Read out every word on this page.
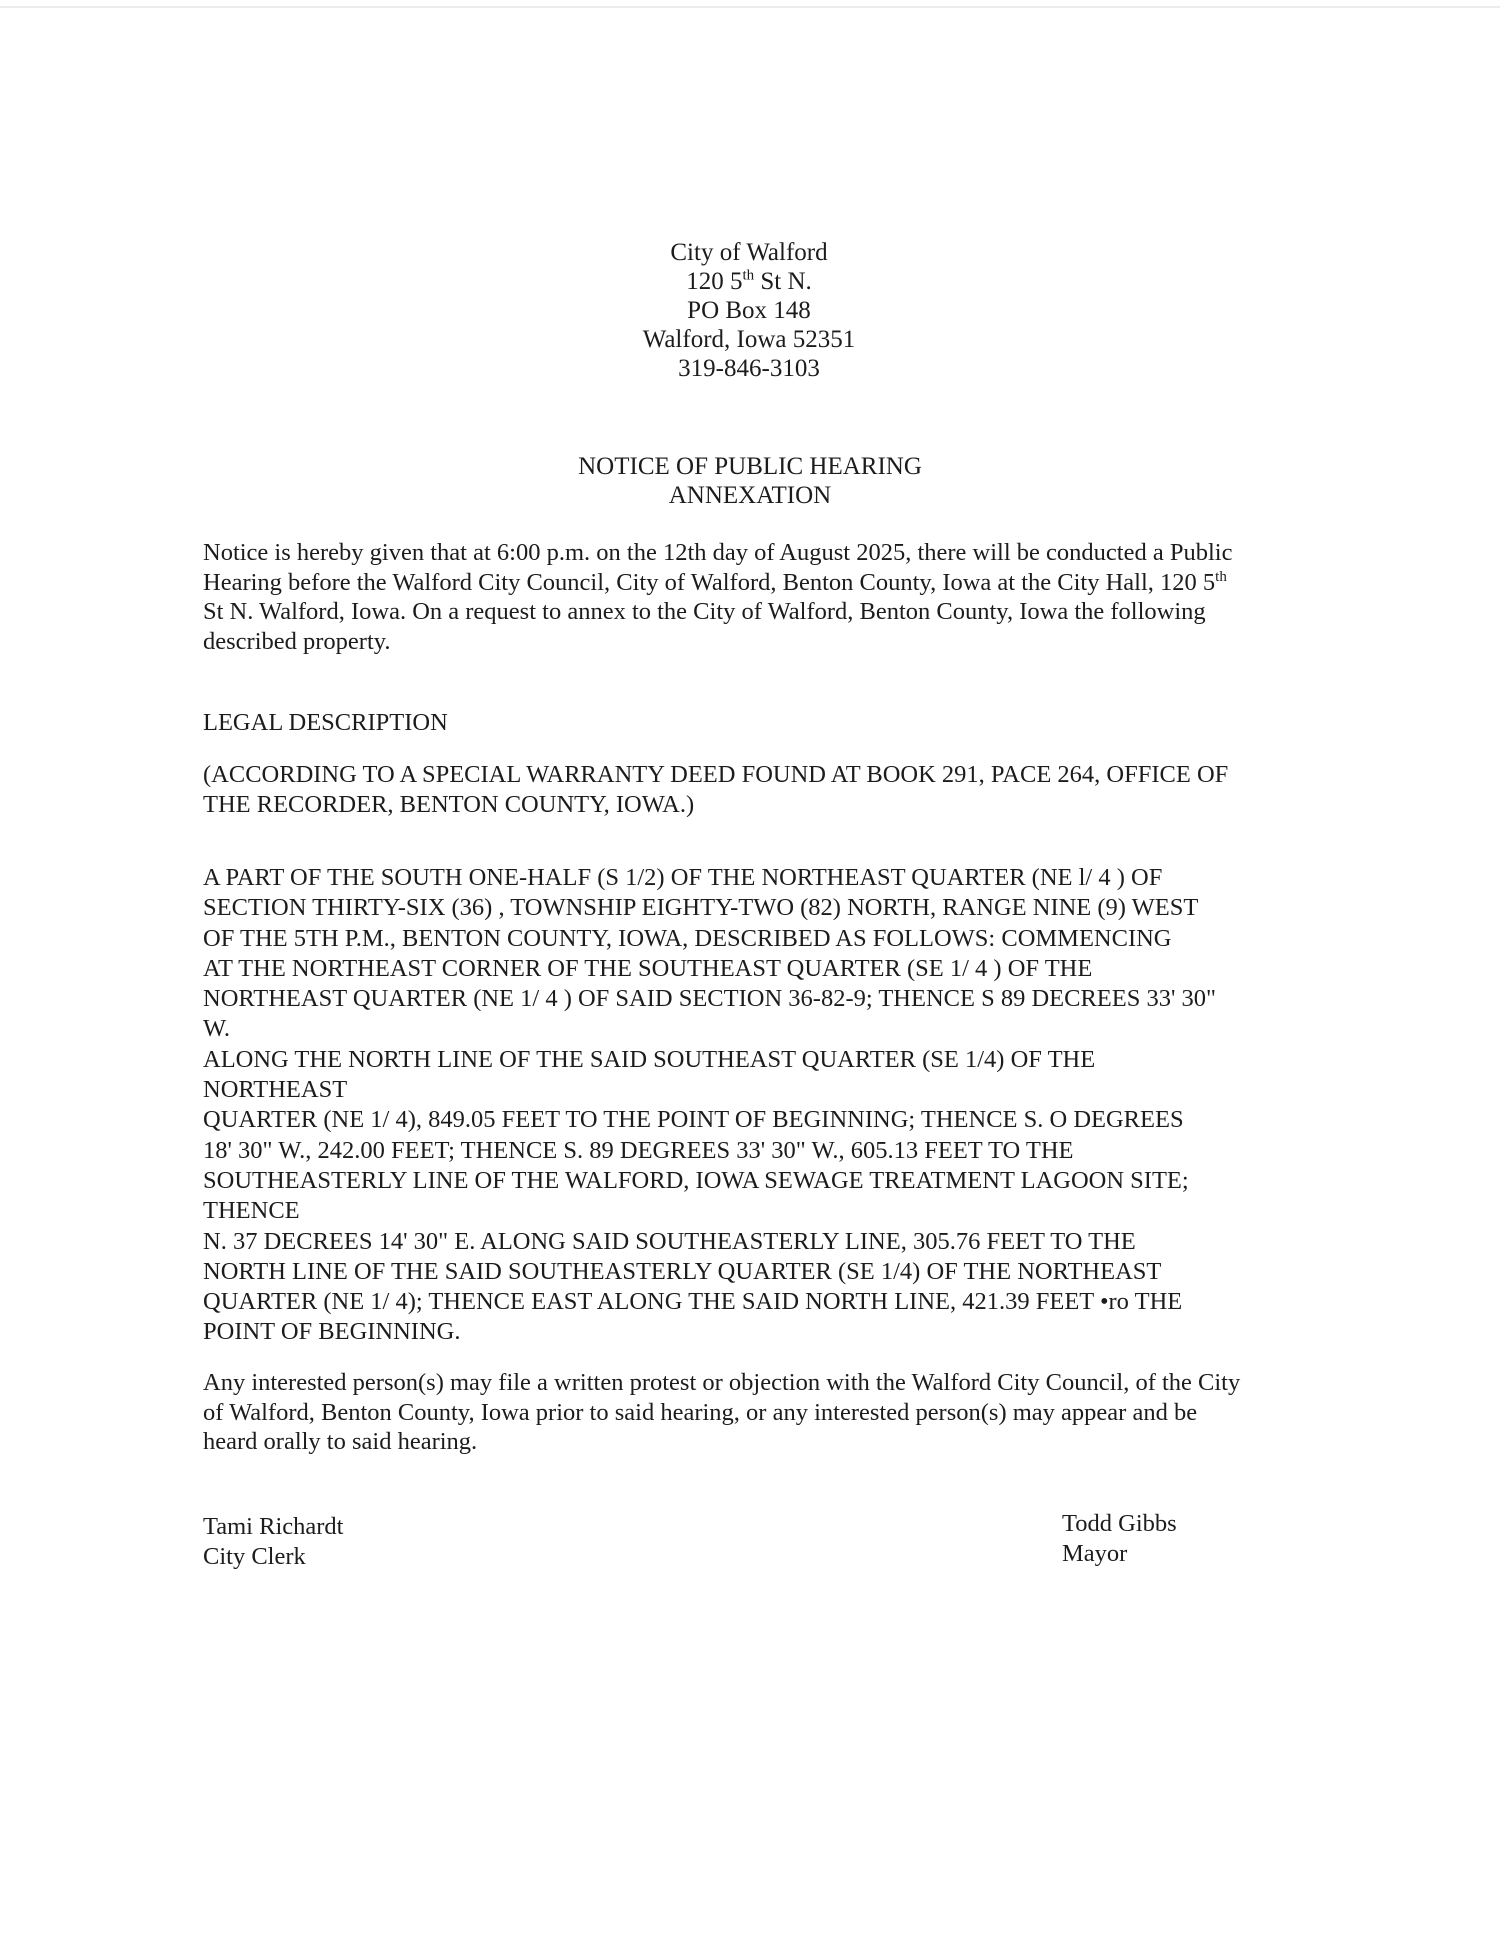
City of Walford
120 5th St N.
PO Box 148
Walford, Iowa 52351
319-846-3103
NOTICE OF PUBLIC HEARING
ANNEXATION
Notice is hereby given that at 6:00 p.m. on the 12th day of August 2025, there will be conducted a Public
Hearing before the Walford City Council, City of Walford, Benton County, Iowa at the City Hall, 120 5th
St N. Walford, Iowa. On a request to annex to the City of Walford, Benton County, Iowa the following
described property.
LEGAL DESCRIPTION
(ACCORDING TO A SPECIAL WARRANTY DEED FOUND AT BOOK 291, PACE 264, OFFICE OF
THE RECORDER, BENTON COUNTY, IOWA.)
A PART OF THE SOUTH ONE-HALF (S 1/2) OF THE NORTHEAST QUARTER (NE l/ 4 ) OF
SECTION THIRTY-SIX (36) , TOWNSHIP EIGHTY-TWO (82) NORTH, RANGE NINE (9) WEST
OF THE 5TH P.M., BENTON COUNTY, IOWA, DESCRIBED AS FOLLOWS: COMMENCING
AT THE NORTHEAST CORNER OF THE SOUTHEAST QUARTER (SE 1/ 4 ) OF THE
NORTHEAST QUARTER (NE 1/ 4 ) OF SAID SECTION 36-82-9; THENCE S 89 DECREES 33' 30"
W.
ALONG THE NORTH LINE OF THE SAID SOUTHEAST QUARTER (SE 1/4) OF THE
NORTHEAST
QUARTER (NE 1/ 4), 849.05 FEET TO THE POINT OF BEGINNING; THENCE S. O DEGREES
18' 30" W., 242.00 FEET; THENCE S. 89 DEGREES 33' 30" W., 605.13 FEET TO THE
SOUTHEASTERLY LINE OF THE WALFORD, IOWA SEWAGE TREATMENT LAGOON SITE;
THENCE
N. 37 DECREES 14' 30" E. ALONG SAID SOUTHEASTERLY LINE, 305.76 FEET TO THE
NORTH LINE OF THE SAID SOUTHEASTERLY QUARTER (SE 1/4) OF THE NORTHEAST
QUARTER (NE 1/ 4); THENCE EAST ALONG THE SAID NORTH LINE, 421.39 FEET •ro THE
POINT OF BEGINNING.
Any interested person(s) may file a written protest or objection with the Walford City Council, of the City
of Walford, Benton County, Iowa prior to said hearing, or any interested person(s) may appear and be
heard orally to said hearing.
Tami Richardt
City Clerk
Todd Gibbs
Mayor
